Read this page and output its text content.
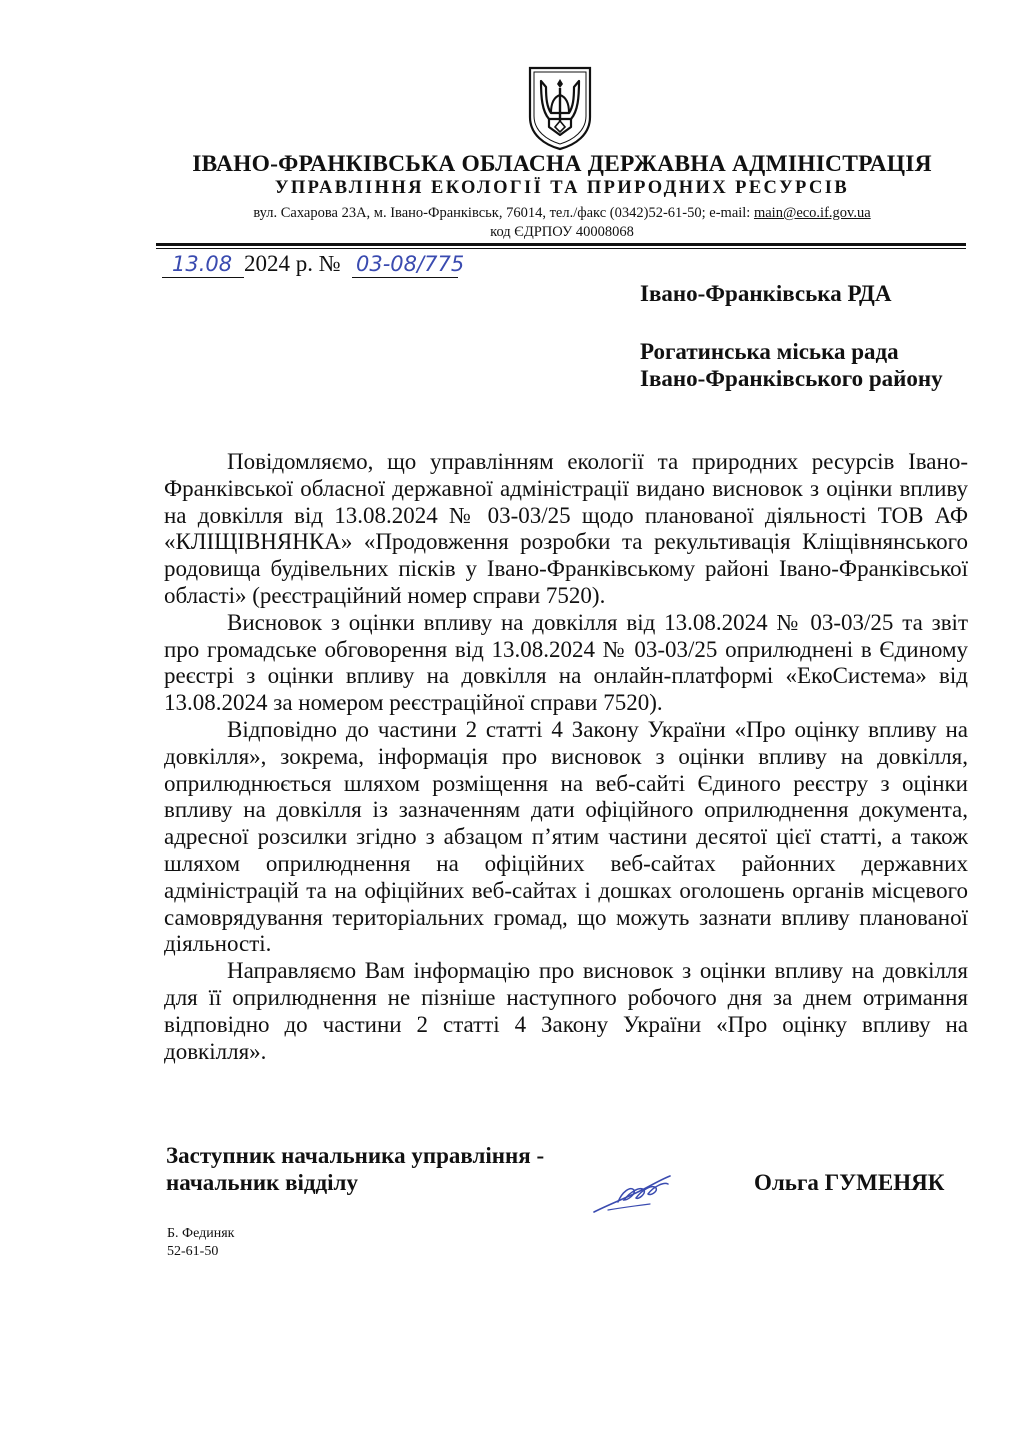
ІВАНО-ФРАНКІВСЬКА ОБЛАСНА ДЕРЖАВНА АДМІНІСТРАЦІЯ
УПРАВЛІННЯ ЕКОЛОГІЇ ТА ПРИРОДНИХ РЕСУРСІВ
вул. Сахарова 23А, м. Івано-Франківськ, 76014, тел./факс (0342)52-61-50; e-mail: main@eco.if.gov.ua
код ЄДРПОУ 40008068
13.08 2024 р. № 03-08/775
Івано-Франківська РДА
Рогатинська міська рада
Івано-Франківського району

Повідомляємо, що управлінням екології та природних ресурсів Івано-Франківської обласної державної адміністрації видано висновок з оцінки впливу на довкілля від 13.08.2024 № 03-03/25 щодо планованої діяльності ТОВ АФ «КЛІЩІВНЯНКА» «Продовження розробки та рекультивація Кліщівнянського родовища будівельних пісків у Івано-Франківському районі Івано-Франківської області» (реєстраційний номер справи 7520).

Висновок з оцінки впливу на довкілля від 13.08.2024 № 03-03/25 та звіт про громадське обговорення від 13.08.2024 № 03-03/25 оприлюднені в Єдиному реєстрі з оцінки впливу на довкілля на онлайн-платформі «ЕкоСистема» від 13.08.2024 за номером реєстраційної справи 7520).

Відповідно до частини 2 статті 4 Закону України «Про оцінку впливу на довкілля», зокрема, інформація про висновок з оцінки впливу на довкілля, оприлюднюється шляхом розміщення на веб-сайті Єдиного реєстру з оцінки впливу на довкілля із зазначенням дати офіційного оприлюднення документа, адресної розсилки згідно з абзацом п’ятим частини десятої цієї статті, а також шляхом оприлюднення на офіційних веб-сайтах районних державних адміністрацій та на офіційних веб-сайтах і дошках оголошень органів місцевого самоврядування територіальних громад, що можуть зазнати впливу планованої діяльності.

Направляємо Вам інформацію про висновок з оцінки впливу на довкілля для її оприлюднення не пізніше наступного робочого дня за днем отримання відповідно до частини 2 статті 4 Закону України «Про оцінку впливу на довкілля».

Заступник начальника управління -
начальник відділу	Ольга ГУМЕНЯК
Б. Фединяк
52-61-50
